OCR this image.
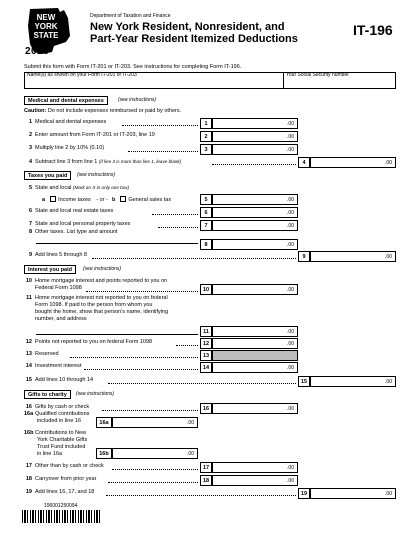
NEW
YORK
STATE
2025
Department of Taxation and Finance
New York Resident, Nonresident, and
Part-Year Resident Itemized Deductions
IT-196
Submit this form with Form IT-201 or IT-203. See instructions for completing Form IT-196.
Name(s) as shown on your Form IT-201 or IT-203	Your Social Security number
Medical and dental expenses	(see instructions)
Caution: Do not include expenses reimbursed or paid by others.
1 Medical and dental expenses	1	.00
2 Enter amount from Form IT-201 or IT-203, line 19	2	.00
3 Multiply line 2 by 10% (0.10)	3	.00
4 Subtract line 3 from line 1 (if line 3 is more than line 1, leave blank)	4	.00
Taxes you paid	(see instructions)
5 State and local (Mark an X in only one box)
5	.00
a Income taxes - or - b General sales tax
6 State and local real estate taxes	6	.00
7 State and local personal property taxes	7	.00
8 Other taxes. List type and amount
8	.00
9 Add lines 5 through 8	9	.00
Interest you paid	(see instructions)
10 Home mortgage interest and points reported to you on
Federal Form 1098	10	.00
11 Home mortgage interest not reported to you on federal
Form 1098. If paid to the person from whom you
bought the home, show that person's name, identifying
number, and address
11	.00
12 Points not reported to you on federal Form 1098	12	.00
13 Reserved	13
14 Investment interest	14	.00
15 Add lines 10 through 14	15	.00
Gifts to charity	(see instructions)
16 Gifts by cash or check	16	.00
16a Qualified contributions
included in line 16	16a	.00
16b Contributions to New
York Charitable Gifts
Trust Fund included
in line 16a	16b	.00
17 Other than by cash or check	17	.00
18 Carryover from prior year	18	.00
19 Add lines 16, 17, and 18	19	.00
196001250094
